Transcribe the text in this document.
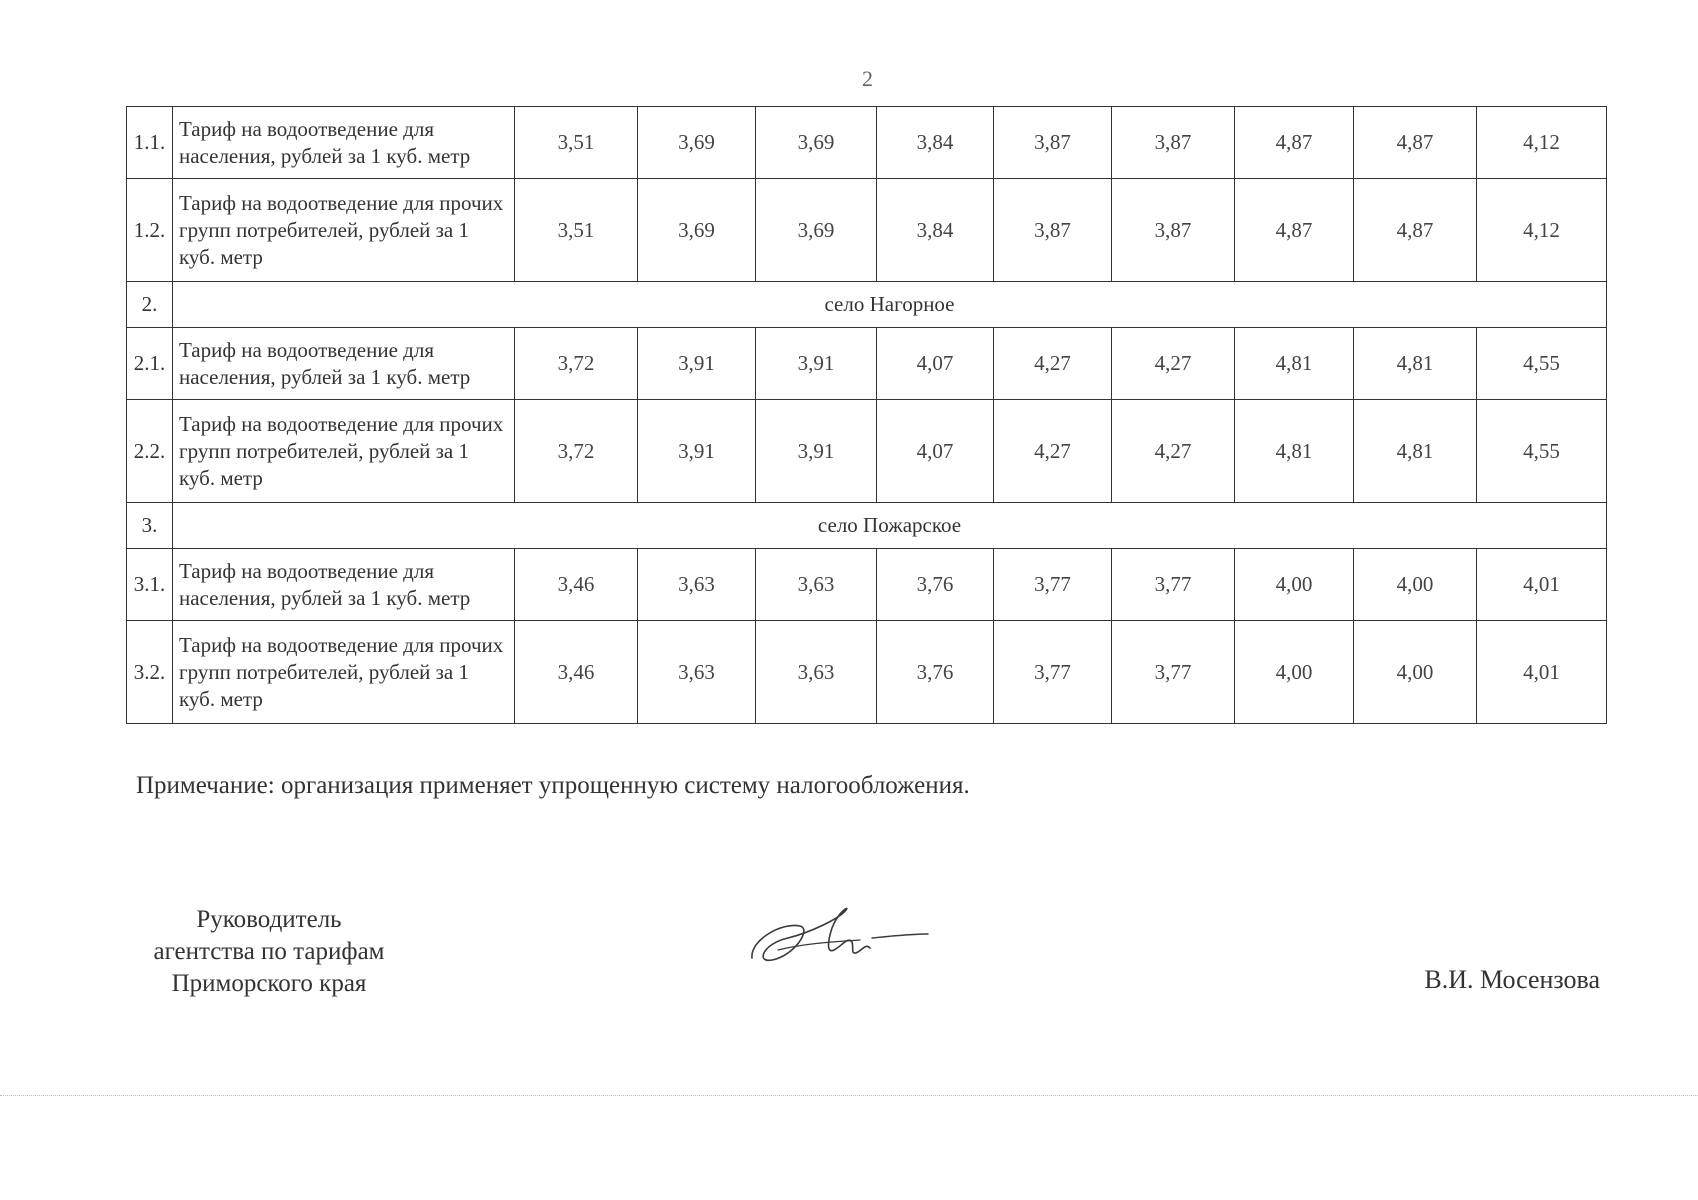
2
1.1.	Тариф на водоотведение для населения, рублей за 1 куб. метр	3,51	3,69	3,69	3,84	3,87	3,87	4,87	4,87	4,12
1.2.	Тариф на водоотведение для прочих групп потребителей, рублей за 1 куб. метр	3,51	3,69	3,69	3,84	3,87	3,87	4,87	4,87	4,12
2.	село Нагорное									
2.1.	Тариф на водоотведение для населения, рублей за 1 куб. метр	3,72	3,91	3,91	4,07	4,27	4,27	4,81	4,81	4,55
2.2.	Тариф на водоотведение для прочих групп потребителей, рублей за 1 куб. метр	3,72	3,91	3,91	4,07	4,27	4,27	4,81	4,81	4,55
3.	село Пожарское									
3.1.	Тариф на водоотведение для населения, рублей за 1 куб. метр	3,46	3,63	3,63	3,76	3,77	3,77	4,00	4,00	4,01
3.2.	Тариф на водоотведение для прочих групп потребителей, рублей за 1 куб. метр	3,46	3,63	3,63	3,76	3,77	3,77	4,00	4,00	4,01
Примечание: организация применяет упрощенную систему налогообложения.
Руководитель
агентства по тарифам
Приморского края	В.И. Мосензова
